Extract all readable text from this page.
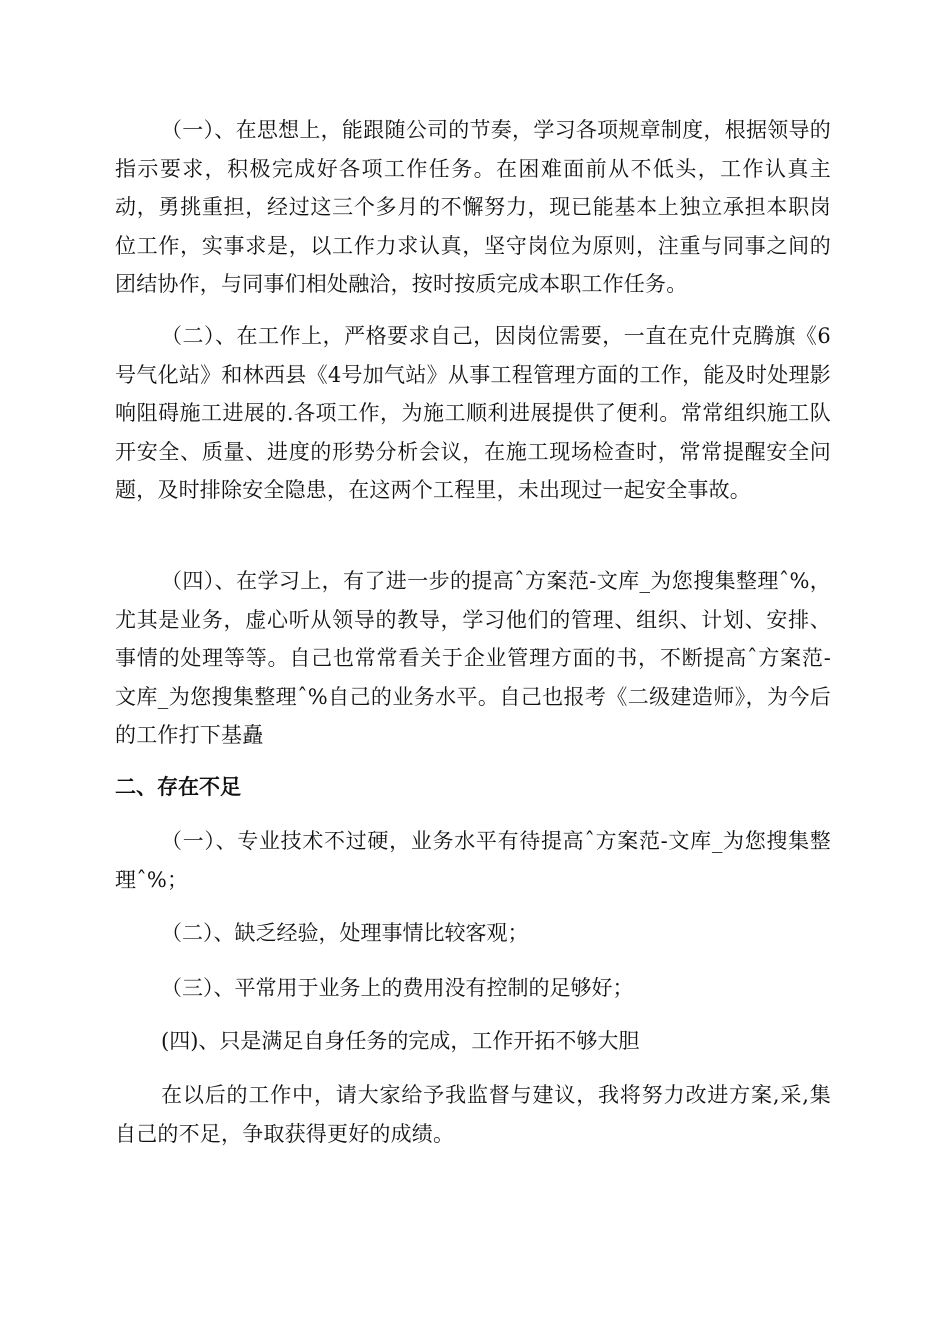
（一）、在思想上，能跟随公司的节奏，学习各项规章制度，根据领导的指示要求，积极完成好各项工作任务。在困难面前从不低头，工作认真主动，勇挑重担，经过这三个多月的不懈努力，现已能基本上独立承担本职岗位工作，实事求是，以工作力求认真，坚守岗位为原则，注重与同事之间的团结协作，与同事们相处融洽，按时按质完成本职工作任务。

（二）、在工作上，严格要求自己，因岗位需要，一直在克什克腾旗《6号气化站》和林西县《4号加气站》从事工程管理方面的工作，能及时处理影响阻碍施工进展的.各项工作，为施工顺利进展提供了便利。常常组织施工队开安全、质量、进度的形势分析会议，在施工现场检查时，常常提醒安全问题，及时排除安全隐患，在这两个工程里，未出现过一起安全事故。

（四）、在学习上，有了进一步的提高ˆ方案范-文库_为您搜集整理ˆ%，尤其是业务，虚心听从领导的教导，学习他们的管理、组织、计划、安排、事情的处理等等。自己也常常看关于企业管理方面的书，不断提高ˆ方案范-文库_为您搜集整理ˆ%自己的业务水平。自己也报考《二级建造师》，为今后的工作打下基矗

二、存在不足

（一）、专业技术不过硬，业务水平有待提高ˆ方案范-文库_为您搜集整理ˆ%；

（二）、缺乏经验，处理事情比较客观；

（三）、平常用于业务上的费用没有控制的足够好；

(四)、只是满足自身任务的完成，工作开拓不够大胆

在以后的工作中，请大家给予我监督与建议，我将努力改进方案,采,集自己的不足，争取获得更好的成绩。
